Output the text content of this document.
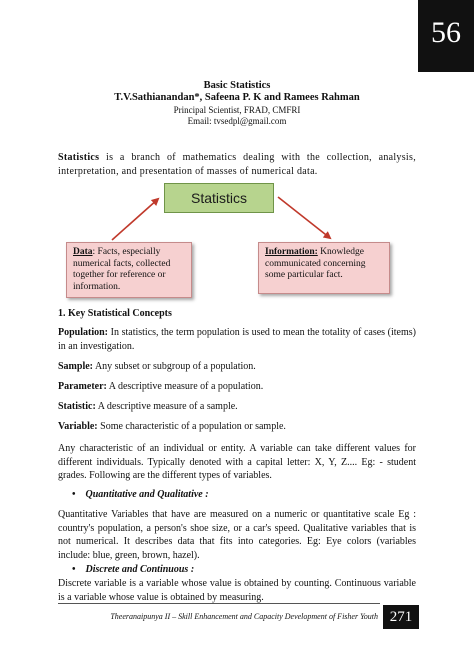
56
Basic Statistics
T.V.Sathianandan*, Safeena P. K and Ramees Rahman
Principal Scientist, FRAD, CMFRI
Email: tvsedpl@gmail.com
Statistics is a branch of mathematics dealing with the collection, analysis, interpretation, and presentation of masses of numerical data.
Statistics
Data: Facts, especially numerical facts, collected together for reference or information.
Information: Knowledge communicated concerning some particular fact.
1. Key Statistical Concepts
Population: In statistics, the term population is used to mean the totality of cases (items) in an investigation.
Sample: Any subset or subgroup of a population.
Parameter: A descriptive measure of a population.
Statistic: A descriptive measure of a sample.
Variable: Some characteristic of a population or sample.
Any characteristic of an individual or entity. A variable can take different values for different individuals. Typically denoted with a capital letter: X, Y, Z.... Eg: - student grades. Following are the different types of variables.
• Quantitative and Qualitative :
Quantitative Variables that have are measured on a numeric or quantitative scale Eg : country's population, a person's shoe size, or a car's speed. Qualitative variables that is not numerical. It describes data that fits into categories. Eg: Eye colors (variables include: blue, green, brown, hazel).
• Discrete and Continuous :
Discrete variable is a variable whose value is obtained by counting. Continuous variable is a variable whose value is obtained by measuring.
Theeranaipunya II – Skill Enhancement and Capacity Development of Fisher Youth 271
